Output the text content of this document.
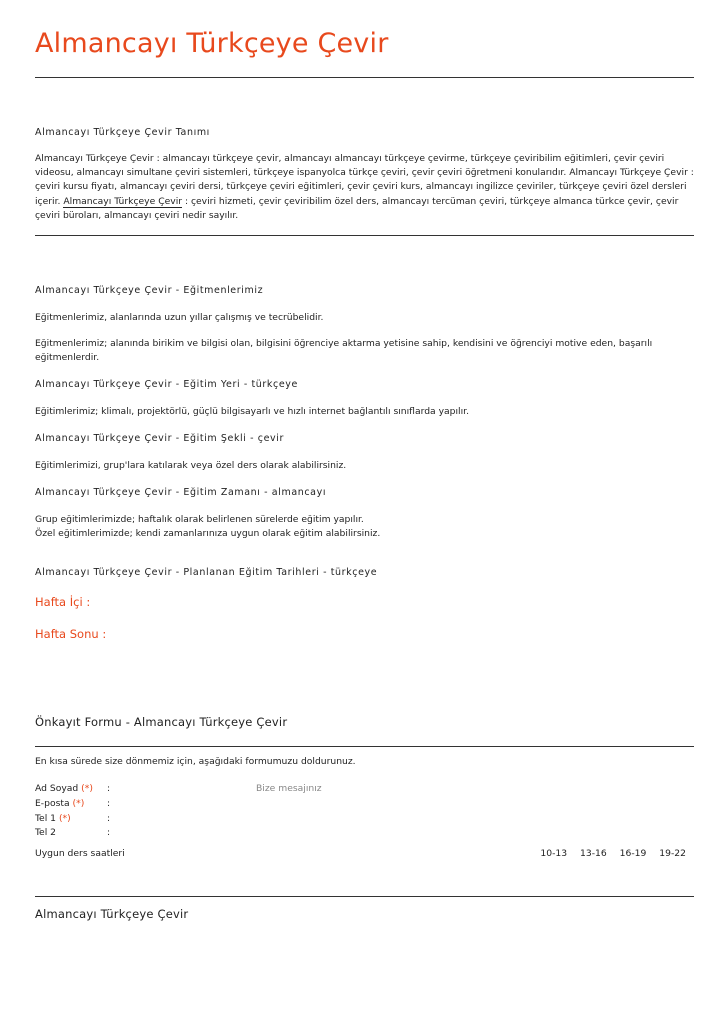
Almancayı Türkçeye Çevir
Almancayı Türkçeye Çevir Tanımı
Almancayı Türkçeye Çevir : almancayı türkçeye çevir, almancayı almancayı türkçeye çevirme, türkçeye çeviribilim eğitimleri, çevir çeviri videosu, almancayı simultane çeviri sistemleri, türkçeye ispanyolca türkçe çeviri, çevir çeviri öğretmeni konularıdır. Almancayı Türkçeye Çevir : çeviri kursu fiyatı, almancayı çeviri dersi, türkçeye çeviri eğitimleri, çevir çeviri kurs, almancayı ingilizce çeviriler, türkçeye çeviri özel dersleri içerir. Almancayı Türkçeye Çevir : çeviri hizmeti, çevir çeviribilim özel ders, almancayı tercüman çeviri, türkçeye almanca türkce çevir, çevir çeviri büroları, almancayı çeviri nedir sayılır.
Almancayı Türkçeye Çevir - Eğitmenlerimiz
Eğitmenlerimiz, alanlarında uzun yıllar çalışmış ve tecrübelidir.
Eğitmenlerimiz; alanında birikim ve bilgisi olan, bilgisini öğrenciye aktarma yetisine sahip, kendisini ve öğrenciyi motive eden, başarılı eğitmenlerdir.
Almancayı Türkçeye Çevir - Eğitim Yeri - türkçeye
Eğitimlerimiz; klimalı, projektörlü, güçlü bilgisayarlı ve hızlı internet bağlantılı sınıflarda yapılır.
Almancayı Türkçeye Çevir - Eğitim Şekli - çevir
Eğitimlerimizi, grup'lara katılarak veya özel ders olarak alabilirsiniz.
Almancayı Türkçeye Çevir - Eğitim Zamanı - almancayı
Grup eğitimlerimizde; haftalık olarak belirlenen sürelerde eğitim yapılır.
Özel eğitimlerimizde; kendi zamanlarınıza uygun olarak eğitim alabilirsiniz.
Almancayı Türkçeye Çevir - Planlanan Eğitim Tarihleri - türkçeye
Hafta İçi :
Hafta Sonu :
Önkayıt Formu - Almancayı Türkçeye Çevir
En kısa sürede size dönmemiz için, aşağıdaki formumuzu doldurunuz.
Ad Soyad (*) :	Bize mesajınız
E-posta (*) :
Tel 1 (*)	:
Tel 2	:
Uygun ders saatleri	10-13 13-16 16-19 19-22
Almancayı Türkçeye Çevir
